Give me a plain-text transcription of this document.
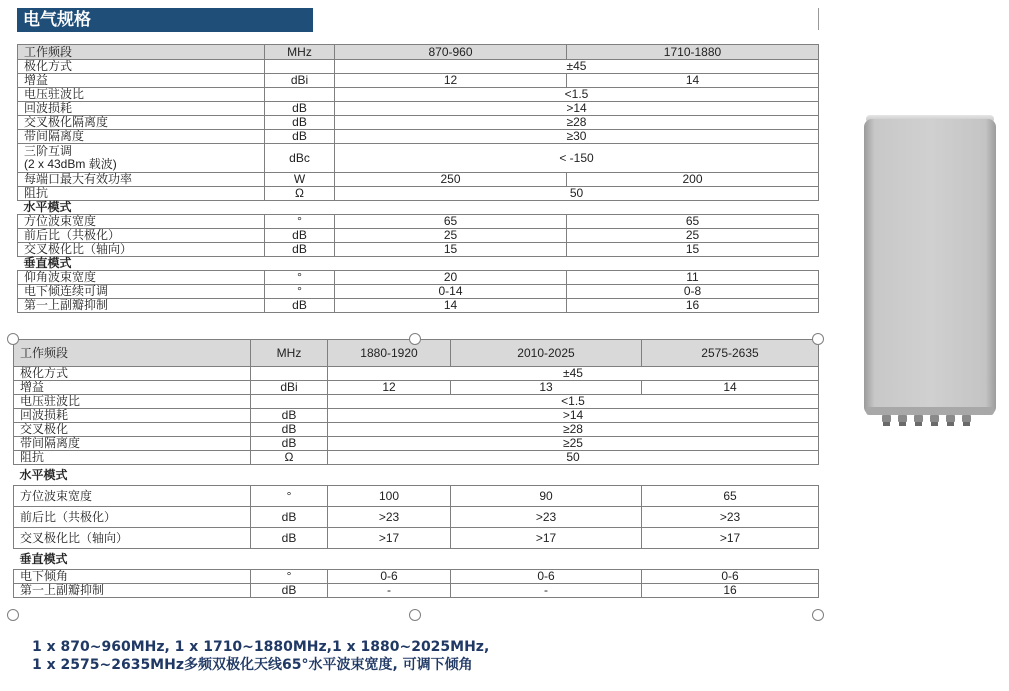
电气规格
工作频段	MHz	870-960	1710-1880
极化方式		±45	
增益	dBi	12	14
电压驻波比		<1.5	
回波损耗	dB	>14	
交叉极化隔离度	dB	≥28	
带间隔离度	dB	≥30	

三阶互调
(2 x 43dBm 载波)	dBc	< -150	
每端口最大有效功率	W	250	200
阻抗	Ω	50	
水平模式			
方位波束宽度	°	65	65
前后比（共极化）	dB	25	25
交叉极化比（轴向）	dB	15	15
垂直模式			
仰角波束宽度	°	20	11
电下倾连续可调	°	0-14	0-8
第一上副瓣抑制	dB	14	16
工作频段	MHz	1880-1920	2010-2025	2575-2635
极化方式		±45		
增益	dBi	12	13	14
电压驻波比		<1.5		
回波损耗	dB	>14		
交叉极化	dB	≥28		
带间隔离度	dB	≥25		
阻抗	Ω	50		
水平模式				
方位波束宽度	°	100	90	65
前后比（共极化）	dB	>23	>23	>23
交叉极化比（轴向）	dB	>17	>17	>17
垂直模式				
电下倾角	°	0-6	0-6	0-6
第一上副瓣抑制	dB	-	-	16
1 x 870~960MHz, 1 x 1710~1880MHz,1 x 1880~2025MHz,
1 x 2575~2635MHz多频双极化天线65°水平波束宽度, 可调下倾角
